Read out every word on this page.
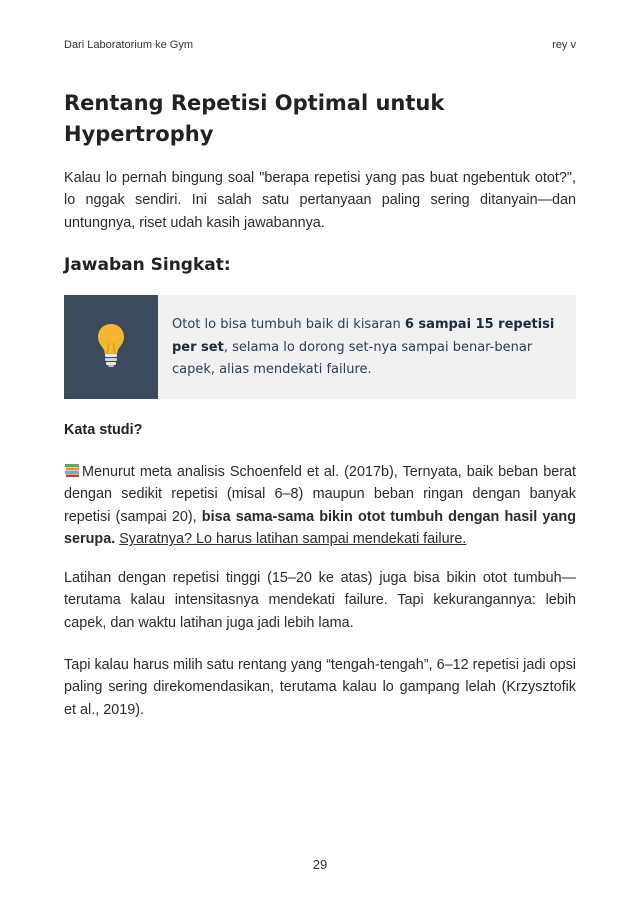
Dari Laboratorium ke Gym	rey v
Rentang Repetisi Optimal untuk Hypertrophy

Kalau lo pernah bingung soal "berapa repetisi yang pas buat ngebentuk otot?", lo nggak sendiri. Ini salah satu pertanyaan paling sering ditanyain—dan untungnya, riset udah kasih jawabannya.

Jawaban Singkat:
Otot lo bisa tumbuh baik di kisaran 6 sampai 15 repetisi per set, selama lo dorong set-nya sampai benar-benar capek, alias mendekati failure.
Kata studi?

Menurut meta analisis Schoenfeld et al. (2017b), Ternyata, baik beban berat dengan sedikit repetisi (misal 6–8) maupun beban ringan dengan banyak repetisi (sampai 20), bisa sama-sama bikin otot tumbuh dengan hasil yang serupa. Syaratnya? Lo harus latihan sampai mendekati failure.

Latihan dengan repetisi tinggi (15–20 ke atas) juga bisa bikin otot tumbuh—terutama kalau intensitasnya mendekati failure. Tapi kekurangannya: lebih capek, dan waktu latihan juga jadi lebih lama.

Tapi kalau harus milih satu rentang yang “tengah-tengah”, 6–12 repetisi jadi opsi paling sering direkomendasikan, terutama kalau lo gampang lelah (Krzysztofik et al., 2019).

29
